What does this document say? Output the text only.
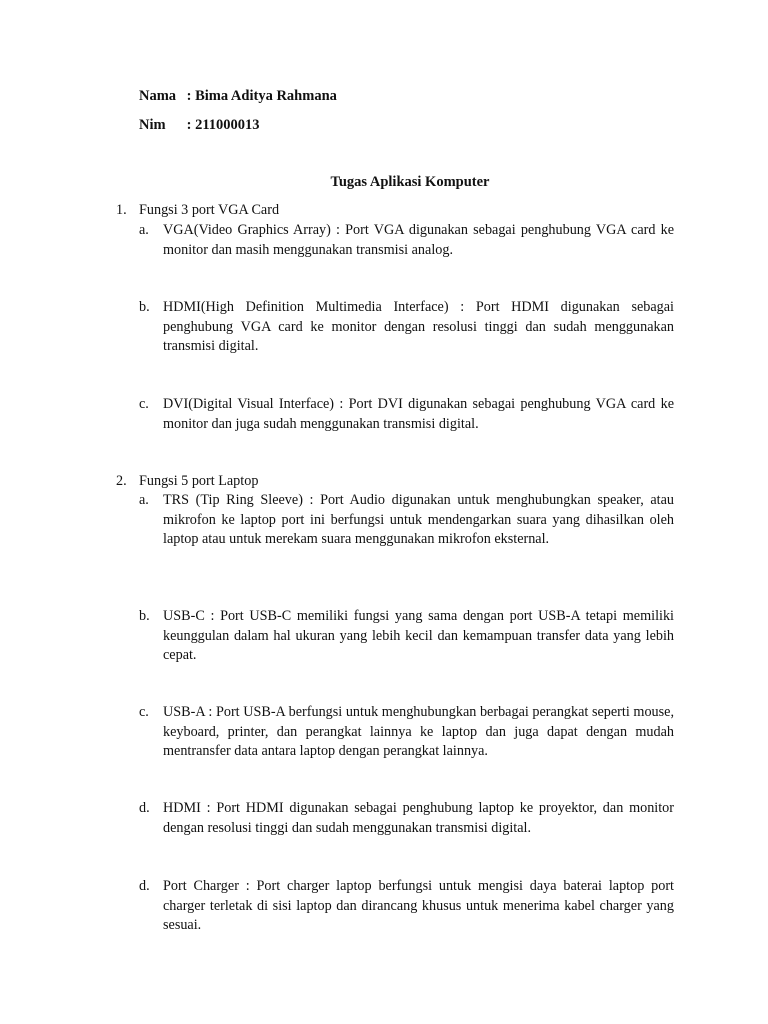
Nama : Bima Aditya Rahmana
Nim : 211000013
Tugas Aplikasi Komputer
1. Fungsi 3 port VGA Card
a. VGA(Video Graphics Array) : Port VGA digunakan sebagai penghubung VGA card ke monitor dan masih menggunakan transmisi analog.
b. HDMI(High Definition Multimedia Interface) : Port HDMI digunakan sebagai penghubung VGA card ke monitor dengan resolusi tinggi dan sudah menggunakan transmisi digital.
c. DVI(Digital Visual Interface) : Port DVI digunakan sebagai penghubung VGA card ke monitor dan juga sudah menggunakan transmisi digital.
2. Fungsi 5 port Laptop
a. TRS (Tip Ring Sleeve) : Port Audio digunakan untuk menghubungkan speaker, atau mikrofon ke laptop port ini berfungsi untuk mendengarkan suara yang dihasilkan oleh laptop atau untuk merekam suara menggunakan mikrofon eksternal.
b. USB-C : Port USB-C memiliki fungsi yang sama dengan port USB-A tetapi memiliki keunggulan dalam hal ukuran yang lebih kecil dan kemampuan transfer data yang lebih cepat.
c. USB-A : Port USB-A berfungsi untuk menghubungkan berbagai perangkat seperti mouse, keyboard, printer, dan perangkat lainnya ke laptop dan juga dapat dengan mudah mentransfer data antara laptop dengan perangkat lainnya.
d. HDMI : Port HDMI digunakan sebagai penghubung laptop ke proyektor, dan monitor dengan resolusi tinggi dan sudah menggunakan transmisi digital.
d. Port Charger : Port charger laptop berfungsi untuk mengisi daya baterai laptop port charger terletak di sisi laptop dan dirancang khusus untuk menerima kabel charger yang sesuai.
